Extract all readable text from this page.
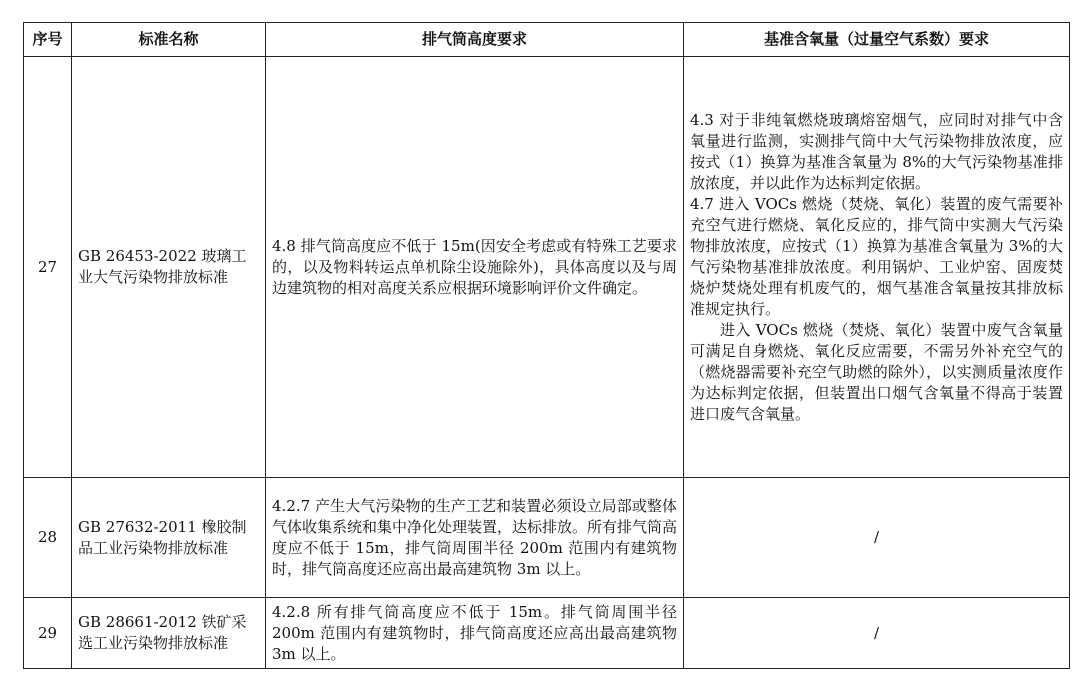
序号	标准名称	排气筒高度要求	基准含氧量（过量空气系数）要求
27	GB 26453-2022 玻璃工业大气污染物排放标准	4.8 排气筒高度应不低于 15m(因安全考虑或有特殊工艺要求的，以及物料转运点单机除尘设施除外)，具体高度以及与周边建筑物的相对高度关系应根据环境影响评价文件确定。	4.3 对于非纯氧燃烧玻璃熔窑烟气，应同时对排气中含氧量进行监测，实测排气筒中大气污染物排放浓度，应按式（1）换算为基准含氧量为 8%的大气污染物基准排放浓度，并以此作为达标判定依据。
4.7 进入 VOCs 燃烧（焚烧、氧化）装置的废气需要补充空气进行燃烧、氧化反应的，排气筒中实测大气污染物排放浓度，应按式（1）换算为基准含氧量为 3%的大气污染物基准排放浓度。利用锅炉、工业炉窑、固废焚烧炉焚烧处理有机废气的，烟气基准含氧量按其排放标准规定执行。
进入 VOCs 燃烧（焚烧、氧化）装置中废气含氧量可满足自身燃烧、氧化反应需要，不需另外补充空气的（燃烧器需要补充空气助燃的除外），以实测质量浓度作为达标判定依据，但装置出口烟气含氧量不得高于装置进口废气含氧量。

28	GB 27632-2011 橡胶制品工业污染物排放标准	4.2.7 产生大气污染物的生产工艺和装置必须设立局部或整体气体收集系统和集中净化处理装置，达标排放。所有排气筒高度应不低于 15m，排气筒周围半径 200m 范围内有建筑物时，排气筒高度还应高出最高建筑物 3m 以上。	/
29	GB 28661-2012 铁矿采选工业污染物排放标准	4.2.8 所有排气筒高度应不低于 15m。排气筒周围半径 200m 范围内有建筑物时，排气筒高度还应高出最高建筑物 3m 以上。	/
